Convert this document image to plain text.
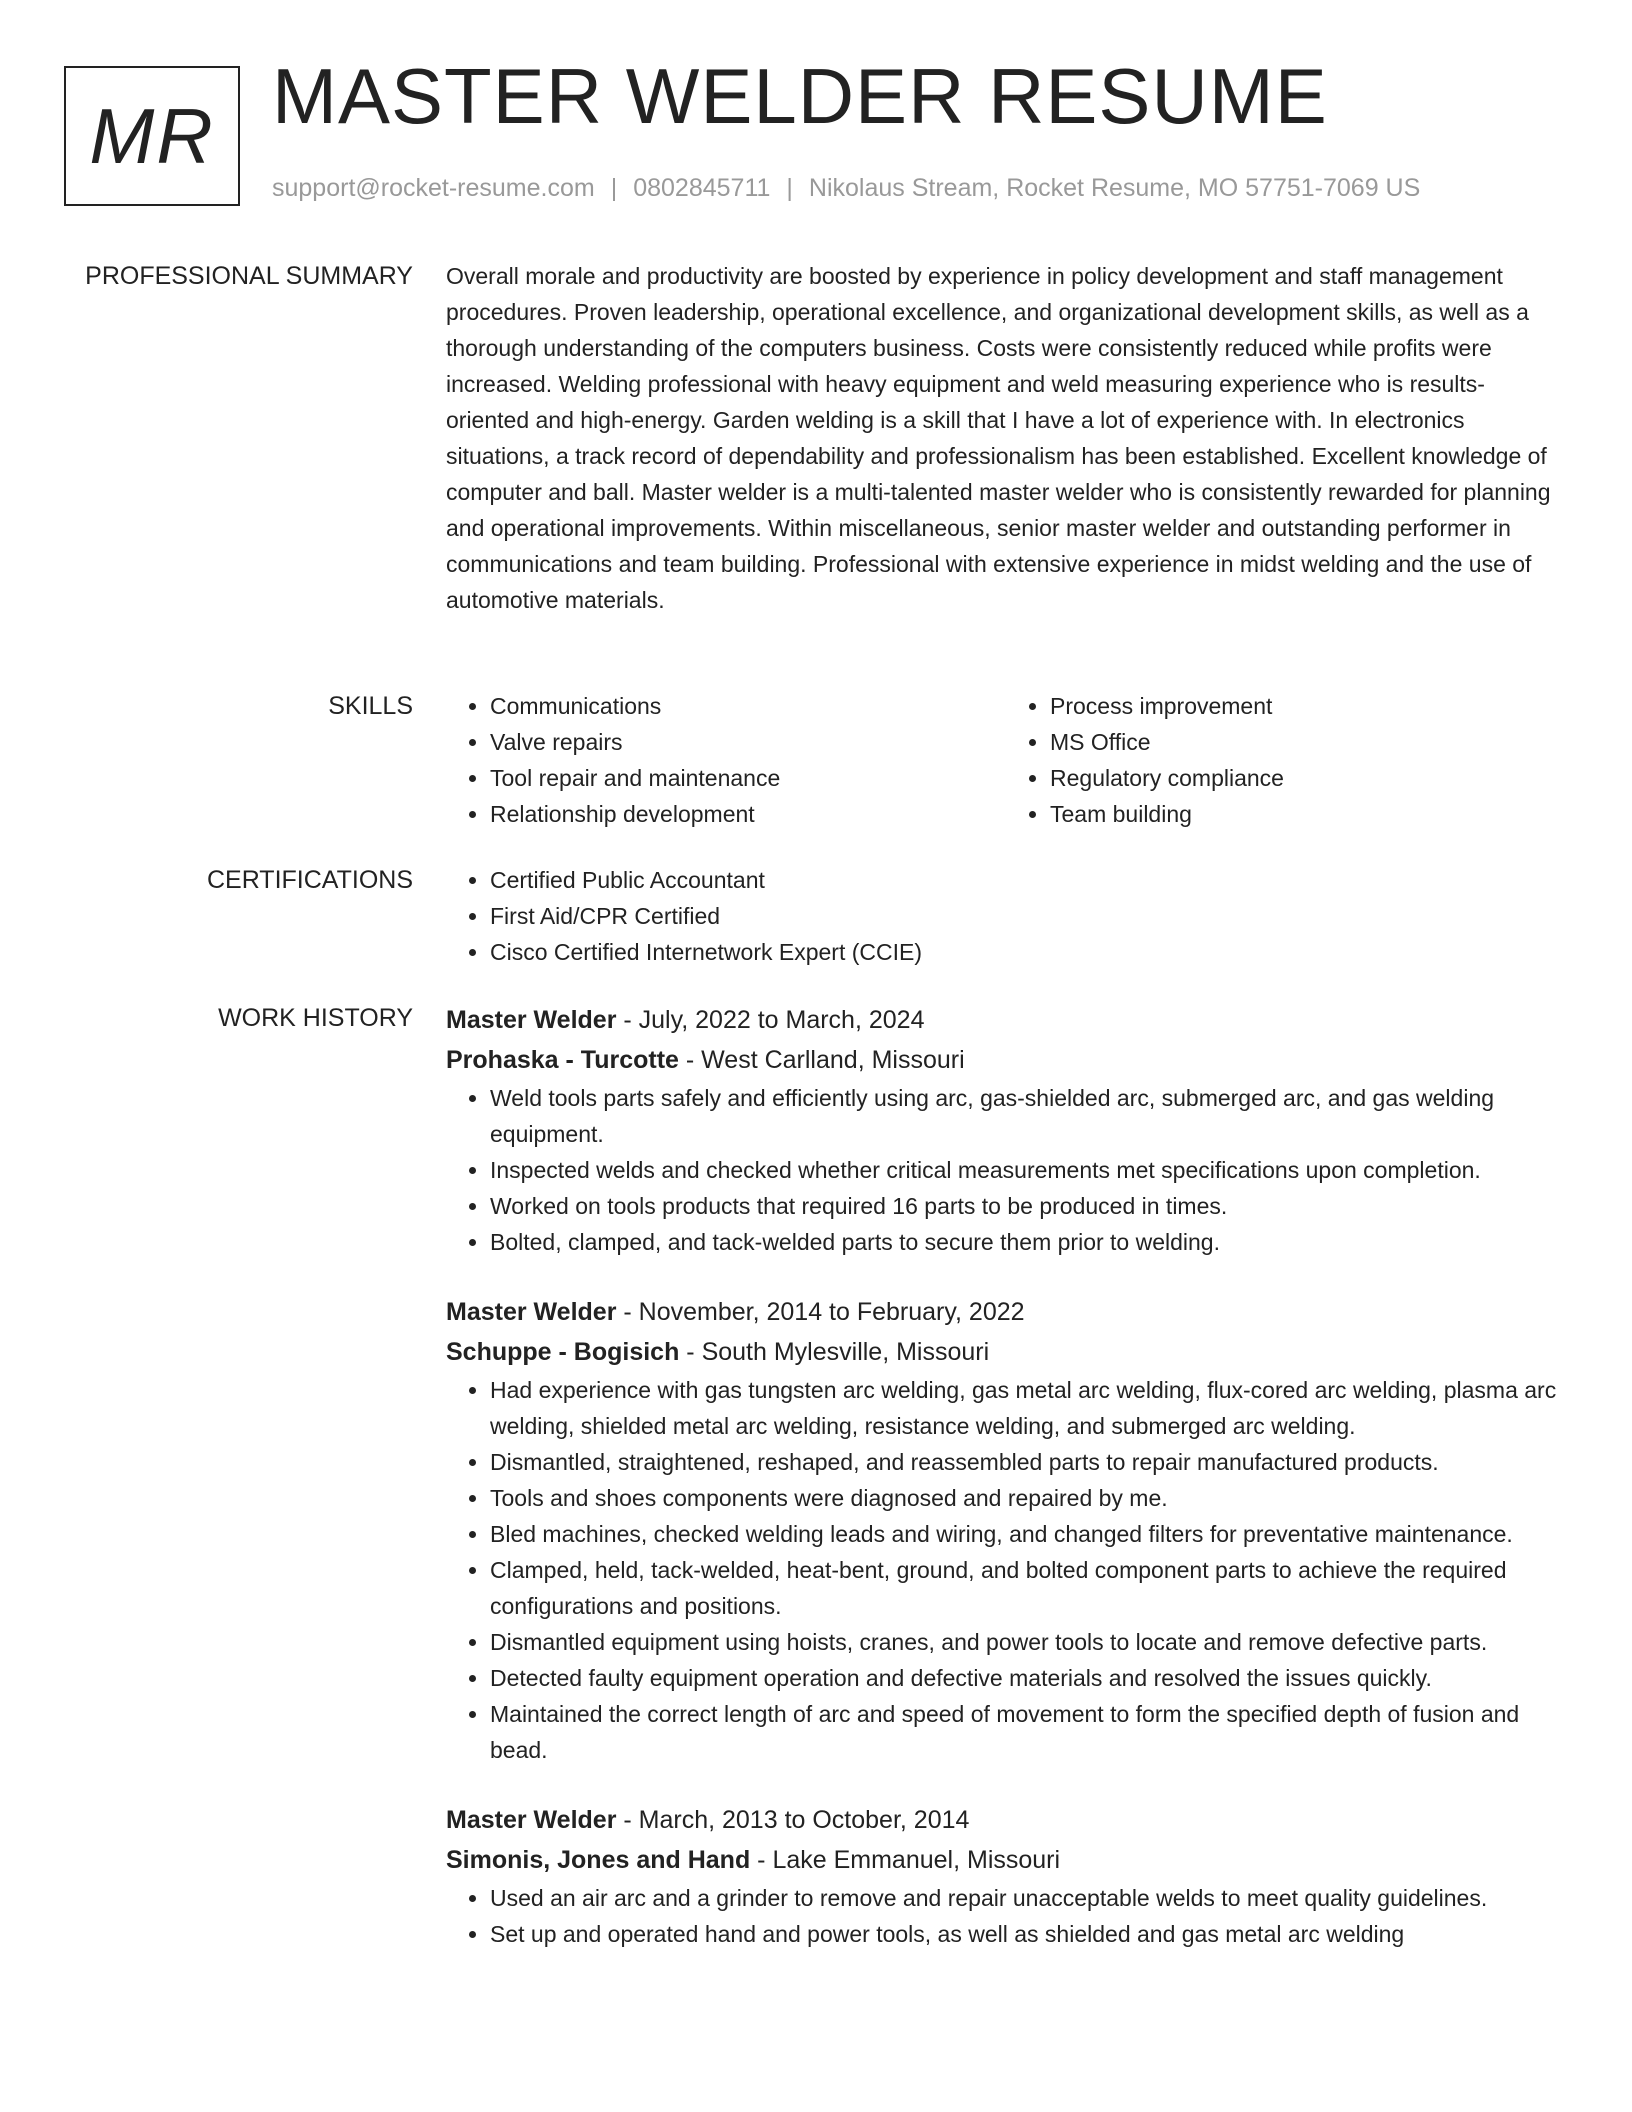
MR MASTER WELDER RESUME
support@rocket-resume.com | 0802845711 | Nikolaus Stream, Rocket Resume, MO 57751-7069 US
PROFESSIONAL SUMMARY Overall morale and productivity are boosted by experience in policy development and staff management procedures. Proven leadership, operational excellence, and organizational development skills, as well as a thorough understanding of the computers business. Costs were consistently reduced while profits were increased. Welding professional with heavy equipment and weld measuring experience who is results-oriented and high-energy. Garden welding is a skill that I have a lot of experience with. In electronics situations, a track record of dependability and professionalism has been established. Excellent knowledge of computer and ball. Master welder is a multi-talented master welder who is consistently rewarded for planning and operational improvements. Within miscellaneous, senior master welder and outstanding performer in communications and team building. Professional with extensive experience in midst welding and the use of automotive materials.

SKILLS	• Communications
• Valve repairs
• Tool repair and maintenance
• Relationship development
• Process improvement
• MS Office
• Regulatory compliance
• Team building
CERTIFICATIONS	• Certified Public Accountant
• First Aid/CPR Certified
• Cisco Certified Internetwork Expert (CCIE)
WORK HISTORY Master Welder - July, 2022 to March, 2024
Prohaska - Turcotte - West Carlland, Missouri
• Weld tools parts safely and efficiently using arc, gas-shielded arc, submerged arc, and gas welding equipment.
• Inspected welds and checked whether critical measurements met specifications upon completion.
• Worked on tools products that required 16 parts to be produced in times.
• Bolted, clamped, and tack-welded parts to secure them prior to welding.
Master Welder - November, 2014 to February, 2022
Schuppe - Bogisich - South Mylesville, Missouri
• Had experience with gas tungsten arc welding, gas metal arc welding, flux-cored arc welding, plasma arc welding, shielded metal arc welding, resistance welding, and submerged arc welding.
• Dismantled, straightened, reshaped, and reassembled parts to repair manufactured products.
• Tools and shoes components were diagnosed and repaired by me.
• Bled machines, checked welding leads and wiring, and changed filters for preventative maintenance.
• Clamped, held, tack-welded, heat-bent, ground, and bolted component parts to achieve the required configurations and positions.
• Dismantled equipment using hoists, cranes, and power tools to locate and remove defective parts.
• Detected faulty equipment operation and defective materials and resolved the issues quickly.
• Maintained the correct length of arc and speed of movement to form the specified depth of fusion and bead.
Master Welder - March, 2013 to October, 2014
Simonis, Jones and Hand - Lake Emmanuel, Missouri
• Used an air arc and a grinder to remove and repair unacceptable welds to meet quality guidelines.
• Set up and operated hand and power tools, as well as shielded and gas metal arc welding
